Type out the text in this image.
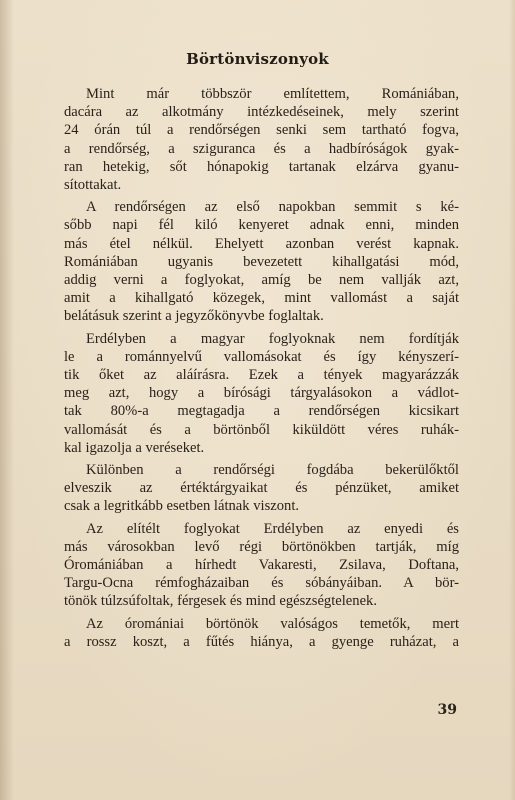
Börtönviszonyok
Mint már többször említettem, Romániában,
dacára az alkotmány intézkedéseinek, mely szerint
24 órán túl a rendőrségen senki sem tartható fogva,
a rendőrség, a sziguranca és a hadbíróságok gyak-
ran hetekig, sőt hónapokig tartanak elzárva gyanu-
sítottakat.
A rendőrségen az első napokban semmit s ké-
sőbb napi fél kiló kenyeret adnak enni, minden
más étel nélkül. Ehelyett azonban verést kapnak.
Romániában ugyanis bevezetett kihallgatási mód,
addig verni a foglyokat, amíg be nem vallják azt,
amit a kihallgató közegek, mint vallomást a saját
belátásuk szerint a jegyzőkönyvbe foglaltak.
Erdélyben a magyar foglyoknak nem fordítják
le a románnyelvű vallomásokat és így kényszerí-
tik őket az aláírásra. Ezek a tények magyarázzák
meg azt, hogy a bírósági tárgyalásokon a vádlot-
tak 80%-a megtagadja a rendőrségen kicsikart
vallomását és a börtönből kiküldött véres ruhák-
kal igazolja a veréseket.
Különben a rendőrségi fogdába bekerülőktől
elveszik az értéktárgyaikat és pénzüket, amiket
csak a legritkább esetben látnak viszont.
Az elítélt foglyokat Erdélyben az enyedi és
más városokban levő régi börtönökben tartják, míg
Óromániában a hírhedt Vakaresti, Zsilava, Doftana,
Targu-Ocna rémfogházaiban és sóbányáiban. A bör-
tönök túlzsúfoltak, férgesek és mind egészségtelenek.
Az óromániai börtönök valóságos temetők, mert
a rossz koszt, a fűtés hiánya, a gyenge ruházat, a
39
